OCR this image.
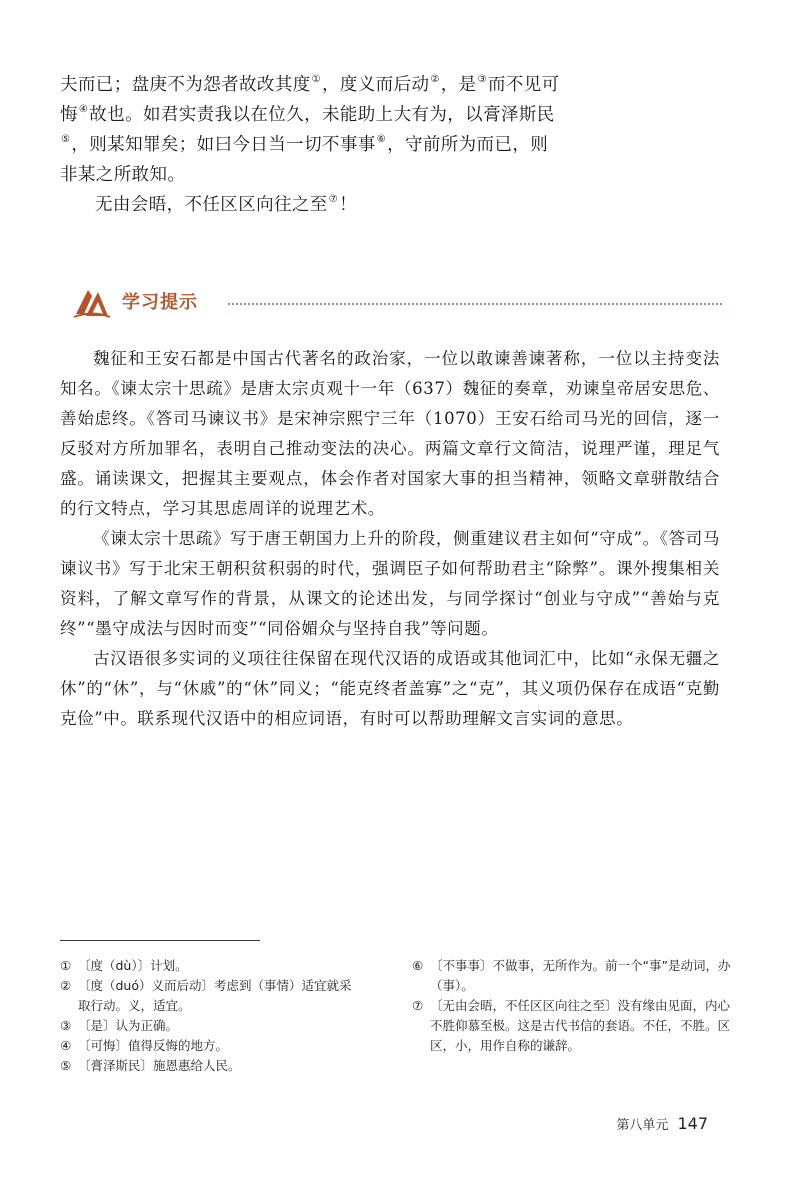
夫而已；盘庚不为怨者故改其度①，度义而后动②，是③而不见可悔④故也。如君实责我以在位久，未能助上大有为，以膏泽斯民⑤，则某知罪矣；如曰今日当一切不事事⑥，守前所为而已，则非某之所敢知。

无由会晤，不任区区向往之至⑦！

学习提示

魏征和王安石都是中国古代著名的政治家，一位以敢谏善谏著称，一位以主持变法知名。《谏太宗十思疏》是唐太宗贞观十一年（637）魏征的奏章，劝谏皇帝居安思危、善始虑终。《答司马谏议书》是宋神宗熙宁三年（1070）王安石给司马光的回信，逐一反驳对方所加罪名，表明自己推动变法的决心。两篇文章行文简洁，说理严谨，理足气盛。诵读课文，把握其主要观点，体会作者对国家大事的担当精神，领略文章骈散结合的行文特点，学习其思虑周详的说理艺术。

《谏太宗十思疏》写于唐王朝国力上升的阶段，侧重建议君主如何“守成”。《答司马谏议书》写于北宋王朝积贫积弱的时代，强调臣子如何帮助君主“除弊”。课外搜集相关资料，了解文章写作的背景，从课文的论述出发，与同学探讨“创业与守成”“善始与克终”“墨守成法与因时而变”“同俗媚众与坚持自我”等问题。

古汉语很多实词的义项往往保留在现代汉语的成语或其他词汇中，比如“永保无疆之休”的“休”，与“休戚”的“休”同义；“能克终者盖寡”之“克”，其义项仍保存在成语“克勤克俭”中。联系现代汉语中的相应词语，有时可以帮助理解文言实词的意思。

① 〔度（dù）〕计划。
② 〔度（duó）义而后动〕考虑到（事情）适宜就采取行动。义，适宜。
③ 〔是〕认为正确。
④ 〔可悔〕值得反悔的地方。
⑤ 〔膏泽斯民〕施恩惠给人民。
⑥ 〔不事事〕不做事，无所作为。前一个“事”是动词，办（事）。
⑦ 〔无由会晤，不任区区向往之至〕没有缘由见面，内心不胜仰慕至极。这是古代书信的套语。不任，不胜。区区，小，用作自称的谦辞。
第八单元 147
